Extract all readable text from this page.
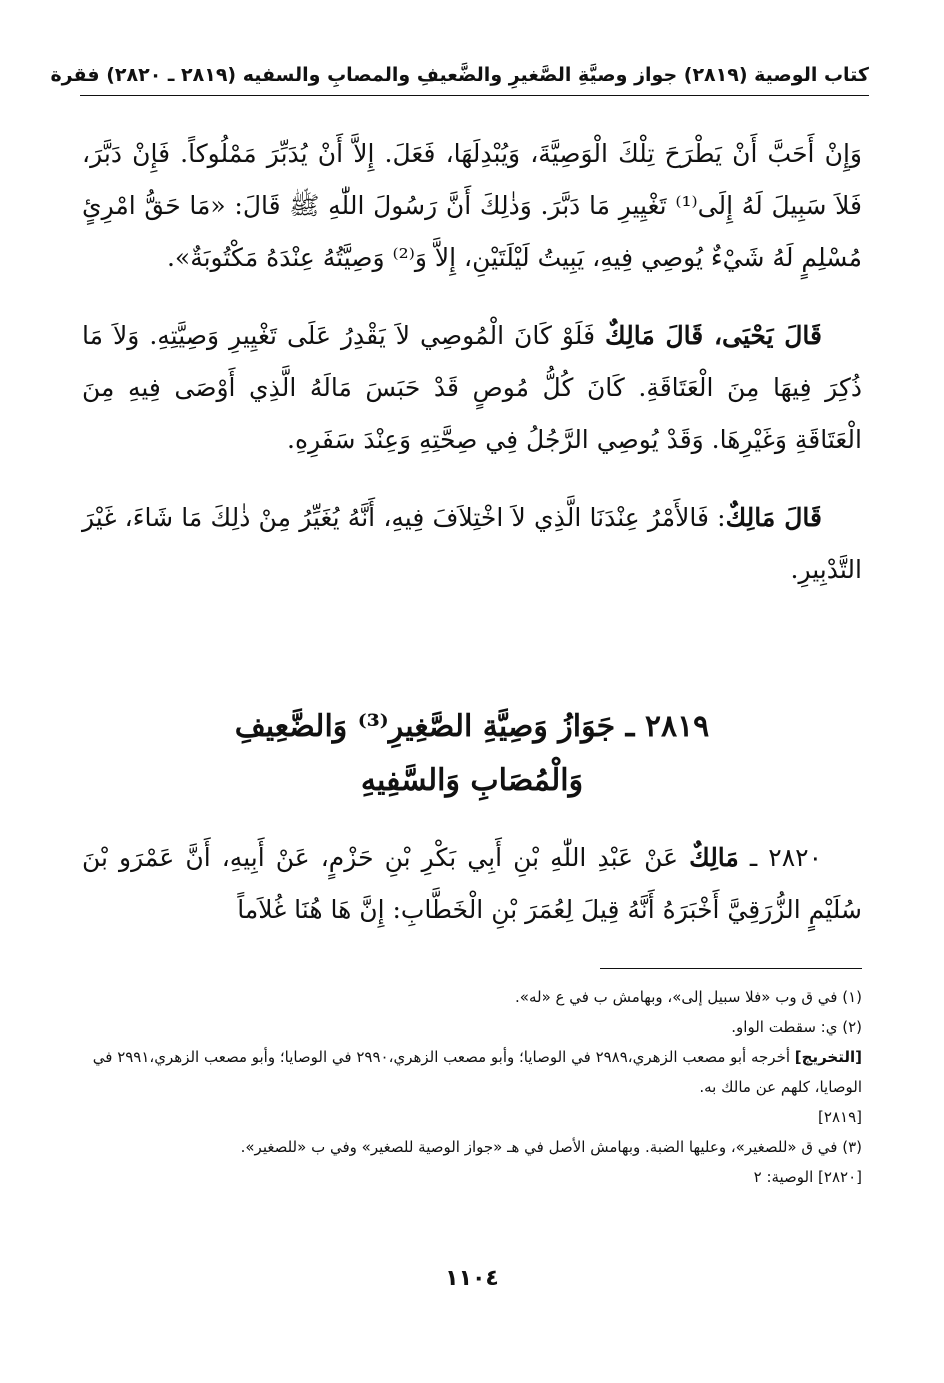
كتاب الوصية (٢٨١٩) جواز وصيَّةِ الصَّغيرِ والضَّعيفِ والمصابِ والسفيه (٢٨١٩ ـ ٢٨٢٠) فقرة

وَإِنْ أَحَبَّ أَنْ يَطْرَحَ تِلْكَ الْوَصِيَّةَ، وَيُبْدِلَهَا، فَعَلَ. إِلاَّ أَنْ يُدَبِّرَ مَمْلُوكاً. فَإِنْ دَبَّرَ، فَلاَ سَبِيلَ لَهُ إِلَى⁽¹⁾ تَغْيِيرِ مَا دَبَّرَ. وَذٰلِكَ أَنَّ رَسُولَ اللّٰهِ ﷺ قَالَ: «مَا حَقُّ امْرِئٍ مُسْلِمٍ لَهُ شَيْءٌ يُوصِي فِيهِ، يَبِيتُ لَيْلَتَيْنِ، إِلاَّ وَ⁽²⁾ وَصِيَّتُهُ عِنْدَهُ مَكْتُوبَةٌ».

قَالَ يَحْيَى، قَالَ مَالِكٌ فَلَوْ كَانَ الْمُوصِي لاَ يَقْدِرُ عَلَى تَغْيِيرِ وَصِيَّتِهِ. وَلاَ مَا ذُكِرَ فِيهَا مِنَ الْعَتَاقَةِ. كَانَ كُلُّ مُوصٍ قَدْ حَبَسَ مَالَهُ الَّذِي أَوْصَى فِيهِ مِنَ الْعَتَاقَةِ وَغَيْرِهَا. وَقَدْ يُوصِي الرَّجُلُ فِي صِحَّتِهِ وَعِنْدَ سَفَرِهِ.

قَالَ مَالِكٌ: فَالأَمْرُ عِنْدَنَا الَّذِي لاَ اخْتِلاَفَ فِيهِ، أَنَّهُ يُغَيِّرُ مِنْ ذٰلِكَ مَا شَاءَ، غَيْرَ التَّدْبِيرِ.

٢٨١٩ ـ جَوَازُ وَصِيَّةِ الصَّغِيرِ⁽³⁾ وَالضَّعِيفِ
وَالْمُصَابِ وَالسَّفِيهِ

٢٨٢٠ ـ مَالِكٌ عَنْ عَبْدِ اللّٰهِ بْنِ أَبِي بَكْرِ بْنِ حَزْمٍ، عَنْ أَبِيهِ، أَنَّ عَمْرَو بْنَ سُلَيْمٍ الزُّرَقِيَّ أَخْبَرَهُ أَنَّهُ قِيلَ لِعُمَرَ بْنِ الْخَطَّابِ: إِنَّ هَا هُنَا غُلاَماً

(١) في ق وب «فلا سبيل إلى»، وبهامش ب في ع «له».

(٢) ي: سقطت الواو.

[التخريج] أخرجه أبو مصعب الزهري،٢٩٨٩ في الوصايا؛ وأبو مصعب الزهري،٢٩٩٠ في الوصايا؛ وأبو مصعب الزهري،٢٩٩١ في الوصايا، كلهم عن مالك به.

[٢٨١٩]

(٣) في ق «للصغير»، وعليها الضبة. وبهامش الأصل في هـ «جواز الوصية للصغير» وفي ب «للصغير».

[٢٨٢٠] الوصية: ٢

١١٠٤
